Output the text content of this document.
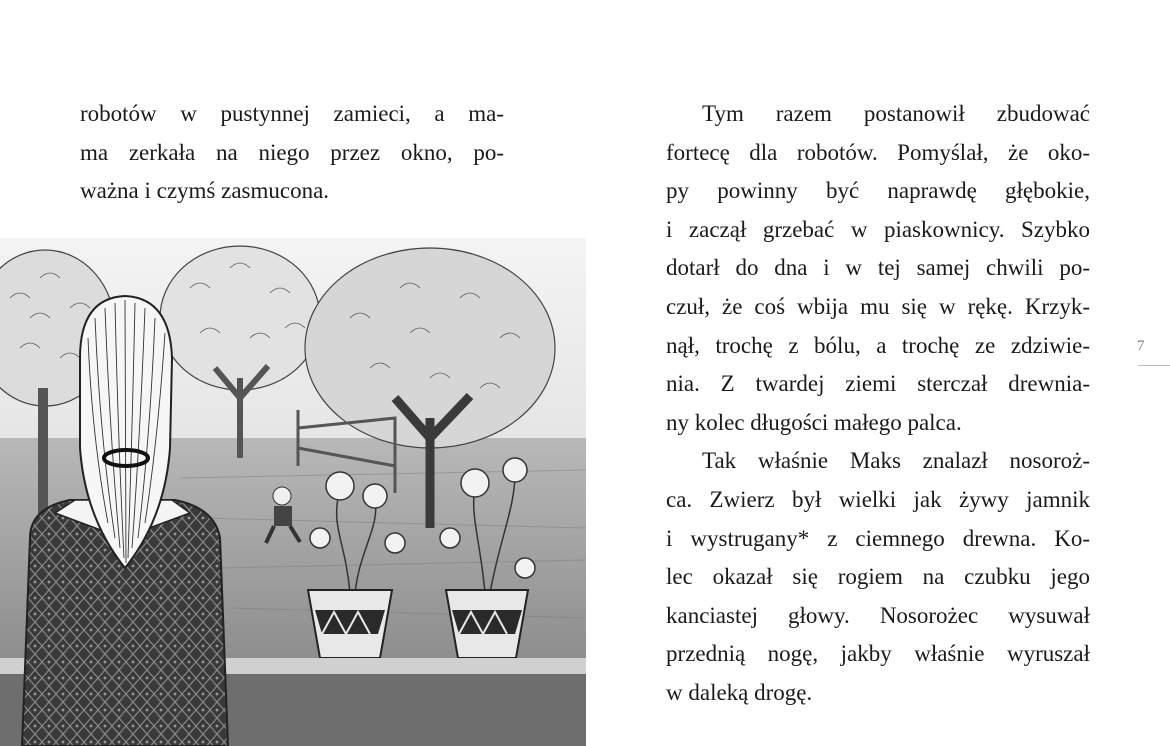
robotów w pustynnej zamieci, a ma-

ma zerkała na niego przez okno, po-

ważna i czymś zasmucona.

Tym razem postanowił zbudować

fortecę dla robotów. Pomyślał, że oko-

py powinny być naprawdę głębokie,

i zaczął grzebać w piaskownicy. Szybko

dotarł do dna i w tej samej chwili po-

czuł, że coś wbija mu się w rękę. Krzyk-

nął, trochę z bólu, a trochę ze zdziwie-

nia. Z twardej ziemi sterczał drewnia-

ny kolec długości małego palca.

Tak właśnie Maks znalazł nosoroż-

ca. Zwierz był wielki jak żywy jamnik

i wystrugany* z ciemnego drewna. Ko-

lec okazał się rogiem na czubku jego

kanciastej głowy. Nosorożec wysuwał

przednią nogę, jakby właśnie wyruszał

w daleką drogę.

7
